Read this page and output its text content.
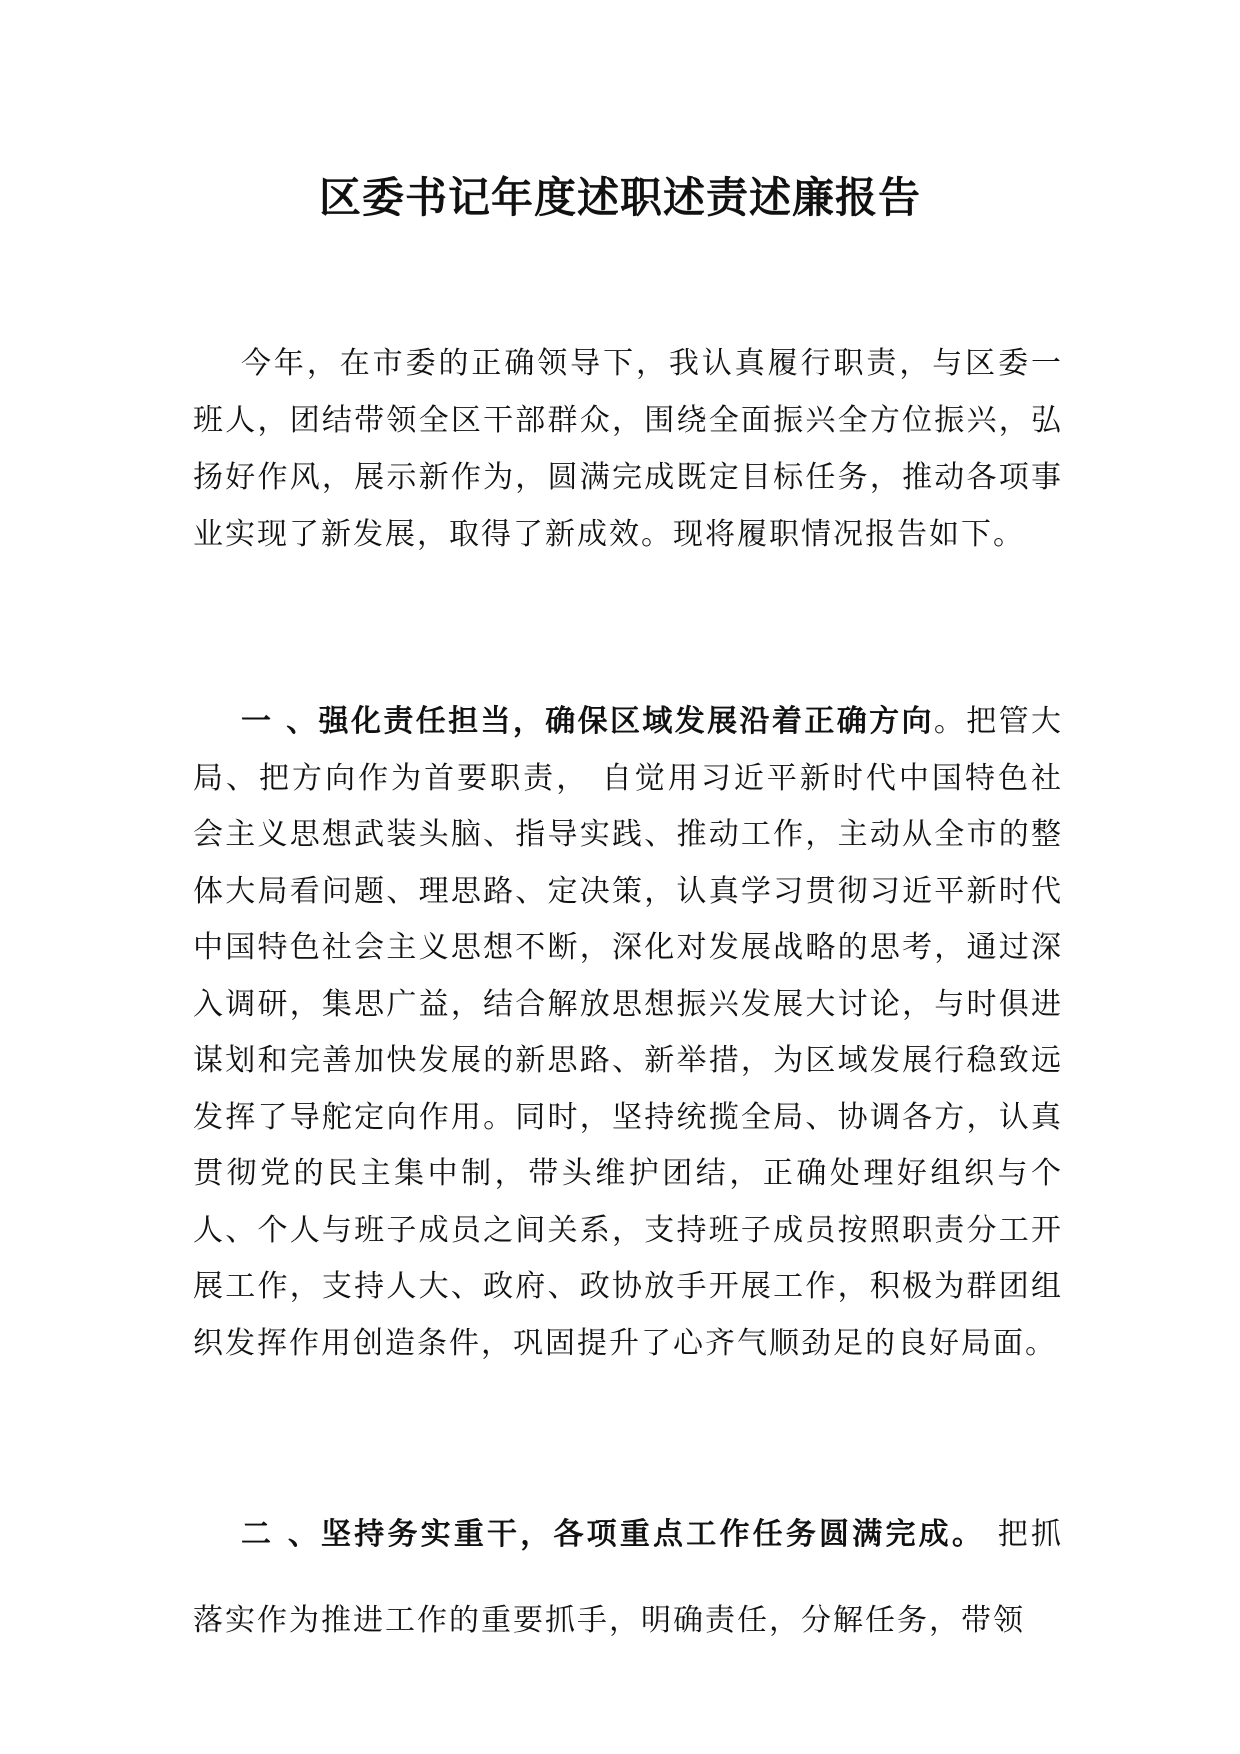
区委书记年度述职述责述廉报告

今年，在市委的正确领导下，我认真履行职责，与区委一班人，团结带领全区干部群众，围绕全面振兴全方位振兴，弘扬好作风，展示新作为，圆满完成既定目标任务，推动各项事业实现了新发展，取得了新成效。现将履职情况报告如下。

一 、强化责任担当，确保区域发展沿着正确方向。把管大局、把方向作为首要职责， 自觉用习近平新时代中国特色社会主义思想武装头脑、指导实践、推动工作，主动从全市的整体大局看问题、理思路、定决策，认真学习贯彻习近平新时代中国特色社会主义思想不断，深化对发展战略的思考，通过深入调研，集思广益，结合解放思想振兴发展大讨论，与时俱进谋划和完善加快发展的新思路、新举措，为区域发展行稳致远发挥了导舵定向作用。同时，坚持统揽全局、协调各方，认真贯彻党的民主集中制，带头维护团结，正确处理好组织与个人、个人与班子成员之间关系，支持班子成员按照职责分工开展工作，支持人大、政府、政协放手开展工作，积极为群团组织发挥作用创造条件，巩固提升了心齐气顺劲足的良好局面。

二 、坚持务实重干，各项重点工作任务圆满完成。 把抓落实作为推进工作的重要抓手，明确责任，分解任务，带领
